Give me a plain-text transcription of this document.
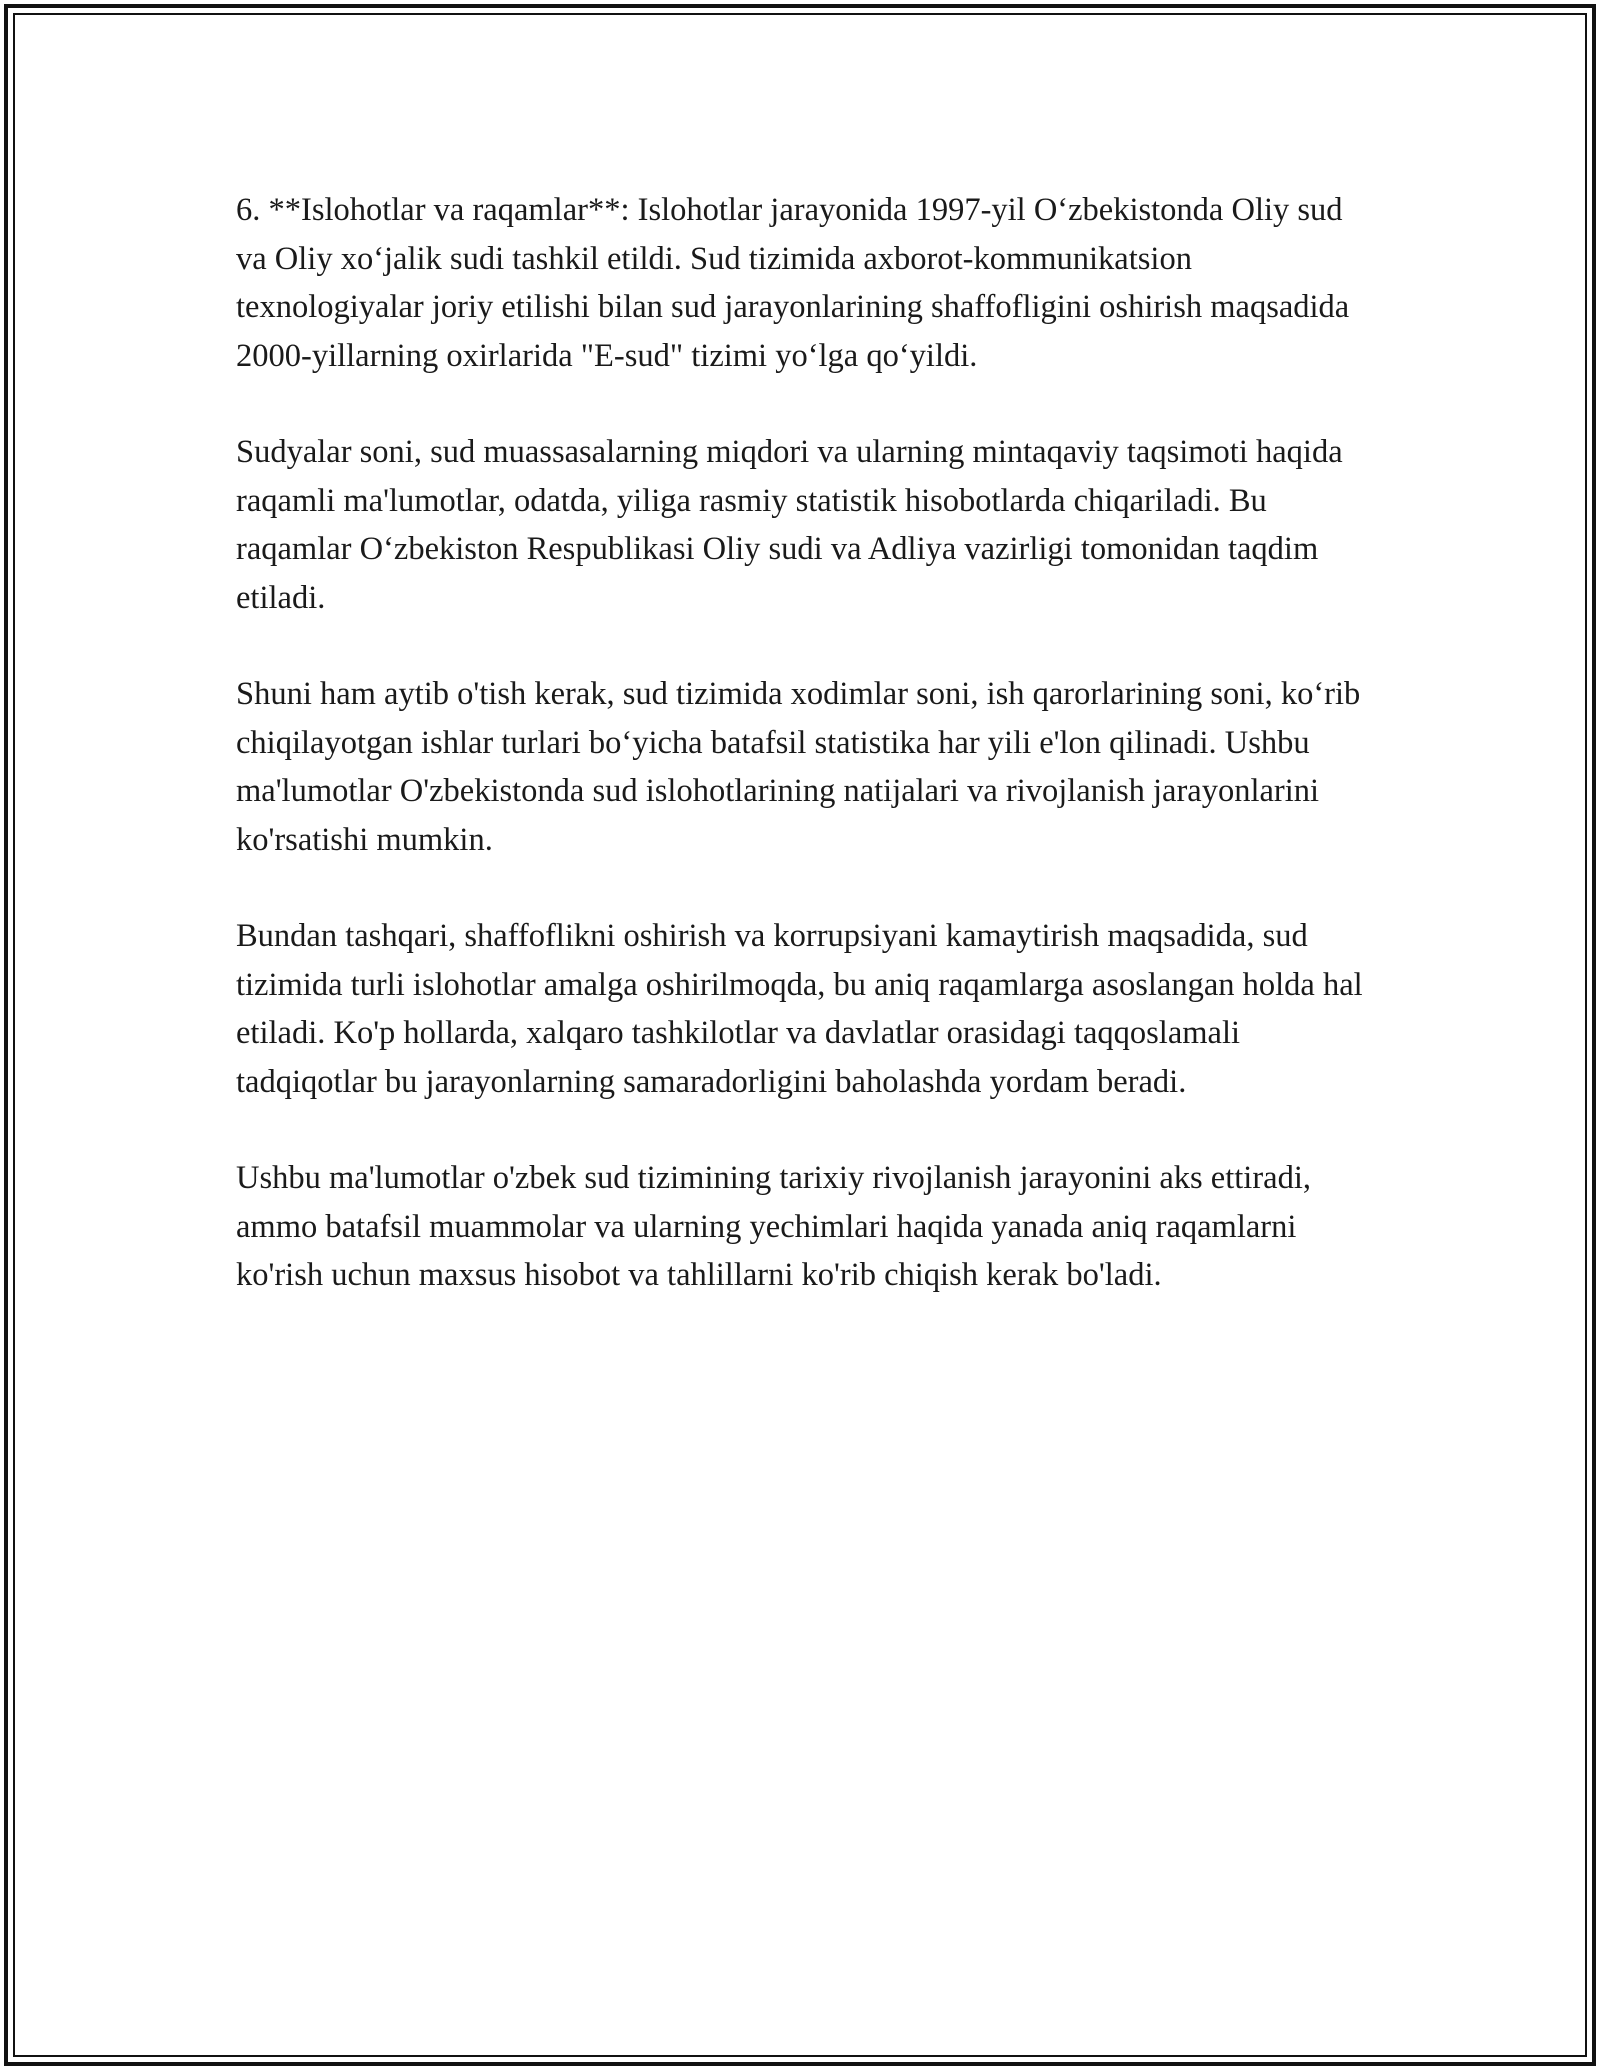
6. **Islohotlar va raqamlar**: Islohotlar jarayonida 1997-yil O‘zbekistonda Oliy sud va Oliy xo‘jalik sudi tashkil etildi. Sud tizimida axborot-kommunikatsion texnologiyalar joriy etilishi bilan sud jarayonlarining shaffofligini oshirish maqsadida 2000-yillarning oxirlarida "E-sud" tizimi yo‘lga qo‘yildi.

Sudyalar soni, sud muassasalarning miqdori va ularning mintaqaviy taqsimoti haqida raqamli ma'lumotlar, odatda, yiliga rasmiy statistik hisobotlarda chiqariladi. Bu raqamlar O‘zbekiston Respublikasi Oliy sudi va Adliya vazirligi tomonidan taqdim etiladi.

Shuni ham aytib o'tish kerak, sud tizimida xodimlar soni, ish qarorlarining soni, ko‘rib chiqilayotgan ishlar turlari bo‘yicha batafsil statistika har yili e'lon qilinadi. Ushbu ma'lumotlar O'zbekistonda sud islohotlarining natijalari va rivojlanish jarayonlarini ko'rsatishi mumkin.

Bundan tashqari, shaffoflikni oshirish va korrupsiyani kamaytirish maqsadida, sud tizimida turli islohotlar amalga oshirilmoqda, bu aniq raqamlarga asoslangan holda hal etiladi. Ko'p hollarda, xalqaro tashkilotlar va davlatlar orasidagi taqqoslamali tadqiqotlar bu jarayonlarning samaradorligini baholashda yordam beradi.

Ushbu ma'lumotlar o'zbek sud tizimining tarixiy rivojlanish jarayonini aks ettiradi, ammo batafsil muammolar va ularning yechimlari haqida yanada aniq raqamlarni ko'rish uchun maxsus hisobot va tahlillarni ko'rib chiqish kerak bo'ladi.
